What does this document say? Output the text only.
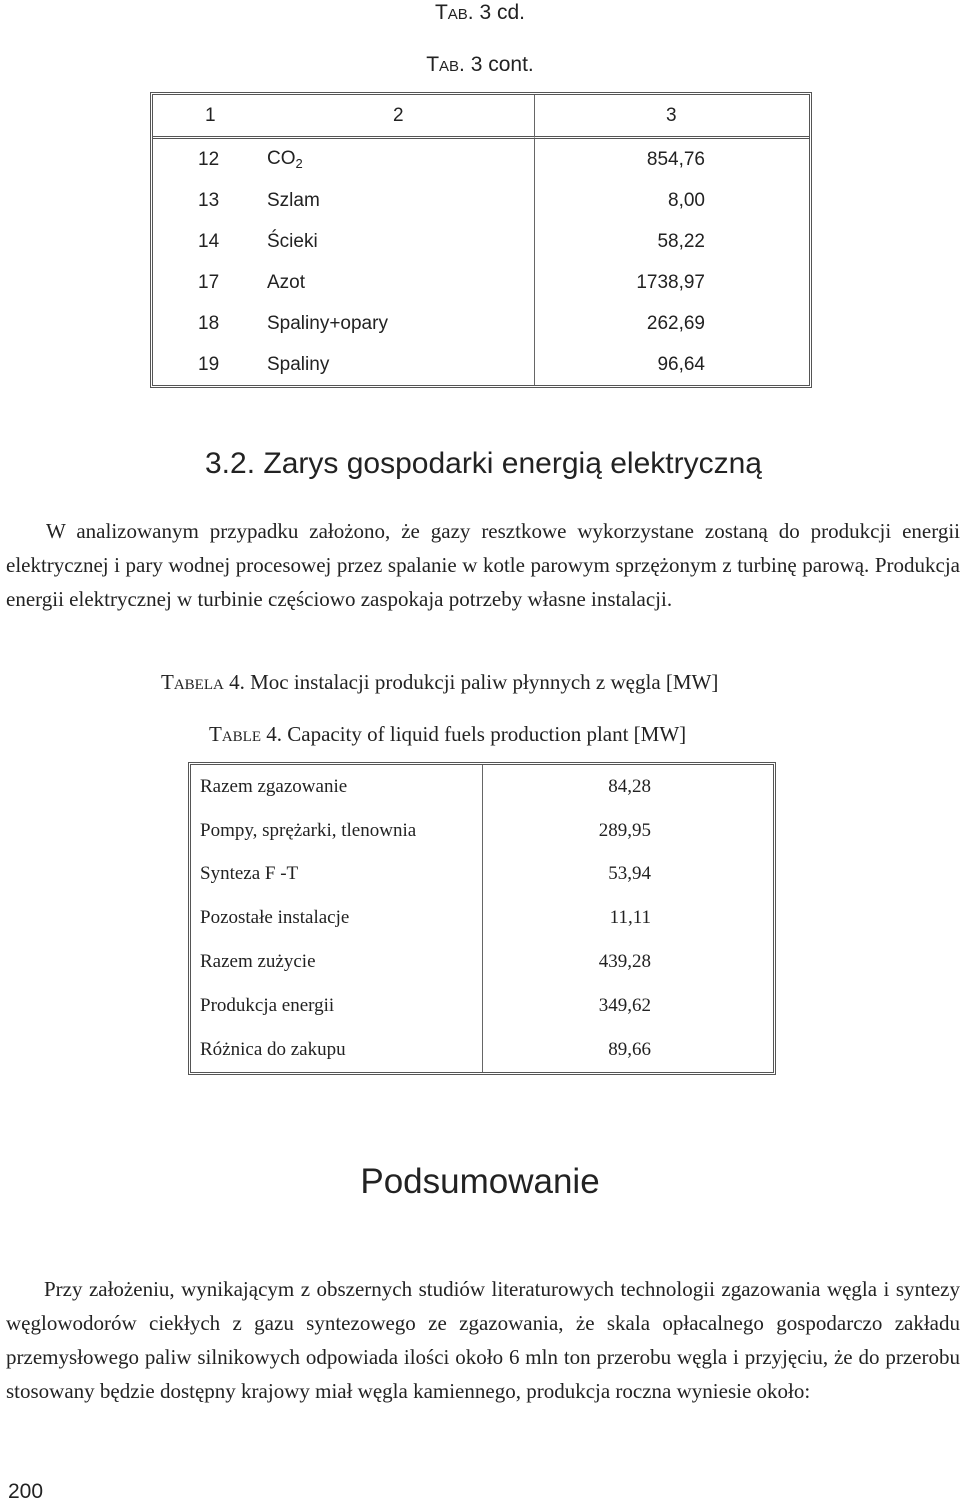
Tab. 3 cd.
Tab. 3 cont.
1	2	3
12	$CO_2$	854,76
13	Szlam	8,00
14	Ścieki	58,22
17	Azot	1738,97
18	Spaliny+opary	262,69
19	Spaliny	96,64
3.2. Zarys gospodarki energią elektryczną
W analizowanym przypadku założono, że gazy resztkowe wykorzystane zostaną do produkcji energii elektrycznej i pary wodnej procesowej przez spalanie w kotle parowym sprzężonym z turbinę parową. Produkcja energii elektrycznej w turbinie częściowo zaspokaja potrzeby własne instalacji.
Tabela 4. Moc instalacji produkcji paliw płynnych z węgla [MW]
Table 4. Capacity of liquid fuels production plant [MW]
Razem zgazowanie	84,28
Pompy, sprężarki, tlenownia	289,95
Synteza F -T	53,94
Pozostałe instalacje	11,11
Razem zużycie	439,28
Produkcja energii	349,62
Różnica do zakupu	89,66
Podsumowanie
Przy założeniu, wynikającym z obszernych studiów literaturowych technologii zgazowania węgla i syntezy węglowodorów ciekłych z gazu syntezowego ze zgazowania, że skala opłacalnego gospodarczo zakładu przemysłowego paliw silnikowych odpowiada ilości około 6 mln ton przerobu węgla i przyjęciu, że do przerobu stosowany będzie dostępny krajowy miał węgla kamiennego, produkcja roczna wyniesie około:
200
